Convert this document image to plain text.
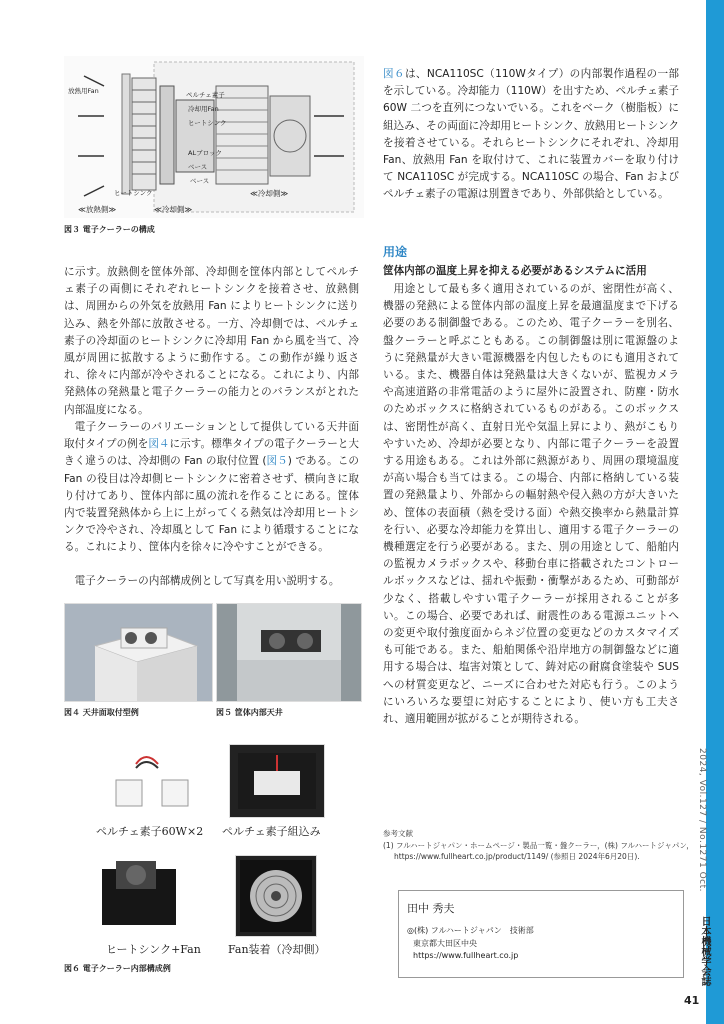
2024, Vol.127 / No.1271 Oct.
日本機械学会誌
41
放熱用Fan	ペルチェ素子
冷却用Fan
ヒートシンク
ALブロック
ベース
ベース
ヒートシンク
≪放熱側≫	≪冷却側≫
≪冷却側≫
図３ 電子クーラーの構成
に示す。放熱側を筐体外部、冷却側を筐体内部としてペルチェ素子の両側にそれぞれヒートシンクを接着させ、放熱側は、周囲からの外気を放熱用 Fan によりヒートシンクに送り込み、熱を外部に放散させる。一方、冷却側では、ペルチェ素子の冷却面のヒートシンクに冷却用 Fan から風を当て、冷風が周囲に拡散するように動作する。この動作が繰り返され、徐々に内部が冷やされることになる。これにより、内部発熱体の発熱量と電子クーラーの能力とのバランスがとれた内部温度になる。
電子クーラーのバリエーションとして提供している天井面取付タイプの例を図４に示す。標準タイプの電子クーラーと大きく違うのは、冷却側の Fan の取付位置 (図５) である。この Fan の役目は冷却側ヒートシンクに密着させず、横向きに取り付けてあり、筐体内部に風の流れを作ることにある。筐体内で装置発熱体から上に上がってくる熱気は冷却用ヒートシンクで冷やされ、冷却風として Fan により循環することになる。これにより、筐体内を徐々に冷やすことができる。
電子クーラーの内部構成例として写真を用い説明する。
図４ 天井面取付型例	図５ 筐体内部天井
ペルチェ素子60W×2 ペルチェ素子組込み
ヒートシンク+Fan Fan装着（冷却側）
図６ 電子クーラー内部構成例
図６は、NCA110SC（110Wタイプ）の内部製作過程の一部を示している。冷却能力（110W）を出すため、ペルチェ素子 60W 二つを直列につないでいる。これをベーク（樹脂板）に組込み、その両面に冷却用ヒートシンク、放熱用ヒートシンクを接着させている。それらヒートシンクにそれぞれ、冷却用 Fan、放熱用 Fan を取付けて、これに装置カバーを取り付けて NCA110SC が完成する。NCA110SC の場合、Fan およびペルチェ素子の電源は別置きであり、外部供給としている。
用途
筐体内部の温度上昇を抑える必要があるシステムに活用
用途として最も多く適用されているのが、密閉性が高く、機器の発熱による筐体内部の温度上昇を最適温度まで下げる必要のある制御盤である。このため、電子クーラーを別名、盤クーラーと呼ぶこともある。この制御盤は別に電源盤のように発熱量が大きい電源機器を内包したものにも適用されている。また、機器自体は発熱量は大きくないが、監視カメラや高速道路の非常電話のように屋外に設置され、防塵・防水のためボックスに格納されているものがある。このボックスは、密閉性が高く、直射日光や気温上昇により、熱がこもりやすいため、冷却が必要となり、内部に電子クーラーを設置する用途もある。これは外部に熱源があり、周囲の環境温度が高い場合も当てはまる。この場合、内部に格納している装置の発熱量より、外部からの輻射熱や侵入熱の方が大きいため、筐体の表面積（熱を受ける面）や熱交換率から熱量計算を行い、必要な冷却能力を算出し、適用する電子クーラーの機種選定を行う必要がある。また、別の用途として、船舶内の監視カメラボックスや、移動台車に搭載されたコントロールボックスなどは、揺れや振動・衝撃があるため、可動部が少なく、搭載しやすい電子クーラーが採用されることが多い。この場合、必要であれば、耐震性のある電源ユニットへの変更や取付強度面からネジ位置の変更などのカスタマイズも可能である。また、船舶関係や沿岸地方の制御盤などに適用する場合は、塩害対策として、鋳対応の耐腐食塗装や SUS への材質変更など、ニーズに合わせた対応も行う。このようにいろいろな要望に対応することにより、使い方も工夫され、適用範囲が拡がることが期待される。
参考文献
(1) フルハートジャパン・ホームページ・製品一覧・盤クーラー，(株) フルハートジャパン，
https://www.fullheart.co.jp/product/1149/ (参照日 2024年6月20日).
田中 秀夫
◎(株) フルハートジャパン　技術部
東京都大田区中央
https://www.fullheart.co.jp
